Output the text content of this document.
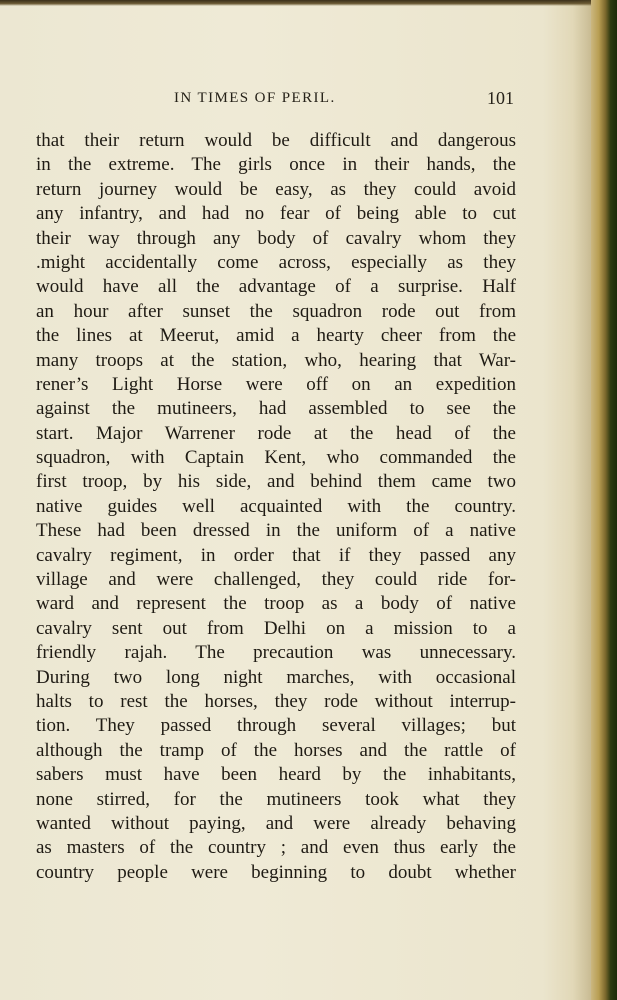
IN TIMES OF PERIL.	101
that their return would be difficult and dangerous
in the extreme. The girls once in their hands, the
return journey would be easy, as they could avoid
any infantry, and had no fear of being able to cut
their way through any body of cavalry whom they
.might accidentally come across, especially as they
would have all the advantage of a surprise. Half
an hour after sunset the squadron rode out from
the lines at Meerut, amid a hearty cheer from the
many troops at the station, who, hearing that War-
rener’s Light Horse were off on an expedition
against the mutineers, had assembled to see the
start. Major Warrener rode at the head of the
squadron, with Captain Kent, who commanded the
first troop, by his side, and behind them came two
native guides well acquainted with the country.
These had been dressed in the uniform of a native
cavalry regiment, in order that if they passed any
village and were challenged, they could ride for-
ward and represent the troop as a body of native
cavalry sent out from Delhi on a mission to a
friendly rajah. The precaution was unnecessary.
During two long night marches, with occasional
halts to rest the horses, they rode without interrup-
tion. They passed through several villages; but
although the tramp of the horses and the rattle of
sabers must have been heard by the inhabitants,
none stirred, for the mutineers took what they
wanted without paying, and were already behaving
as masters of the country ; and even thus early the
country people were beginning to doubt whether
